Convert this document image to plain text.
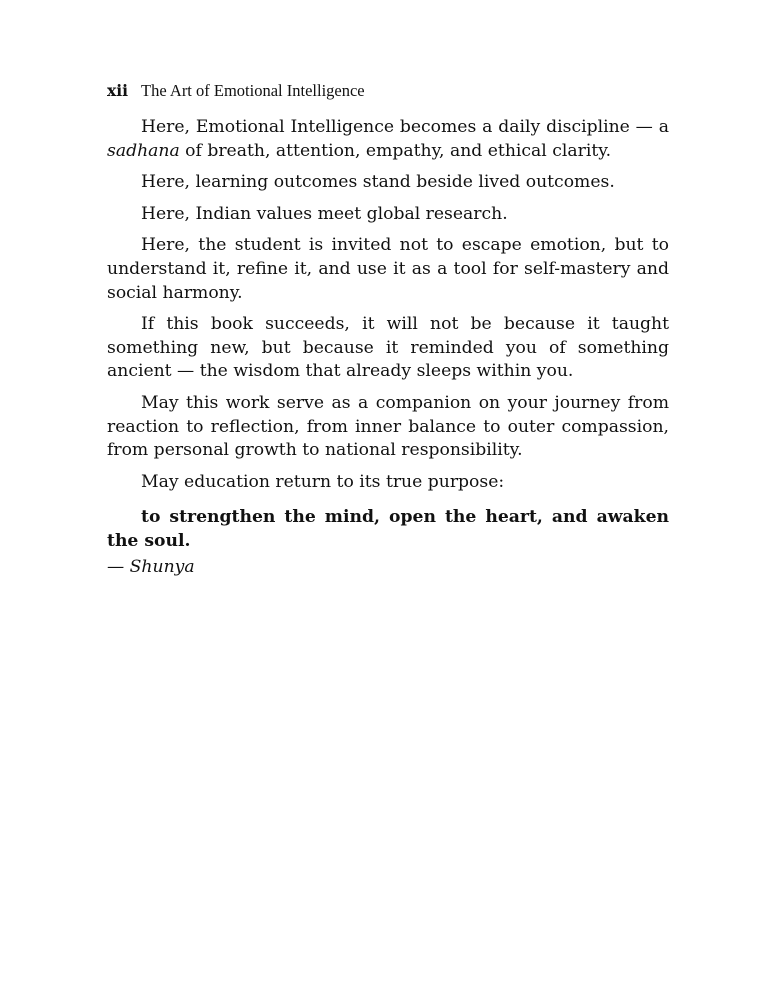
xii The Art of Emotional Intelligence

Here, Emotional Intelligence becomes a daily discipline — a sadhana of breath, attention, empathy, and ethical clarity.

Here, learning outcomes stand beside lived outcomes.

Here, Indian values meet global research.

Here, the student is invited not to escape emotion, but to understand it, refine it, and use it as a tool for self-mastery and social harmony.

If this book succeeds, it will not be because it taught something new, but because it reminded you of something ancient — the wisdom that already sleeps within you.

May this work serve as a companion on your journey from reaction to reflection, from inner balance to outer compassion, from personal growth to national responsibility.

May education return to its true purpose:

to strengthen the mind, open the heart, and awaken the soul.

— Shunya
